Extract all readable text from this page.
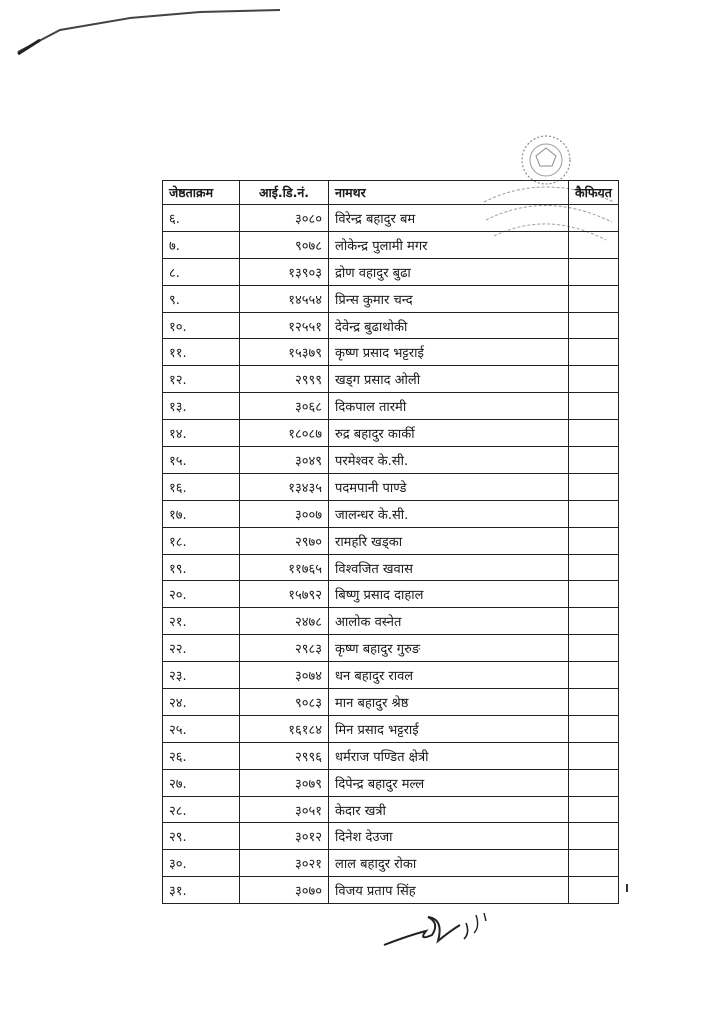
जेष्ठताक्रम	आई.डि.नं.	नामथर	कैफियत
६.	३०८०	विरेन्द्र बहादुर बम	
७.	९०७८	लोकेन्द्र पुलामी मगर	
८.	१३९०३	द्रोण वहादुर बुढा	
९.	१४५५४	प्रिन्स कुमार चन्द	
१०.	१२५५१	देवेन्द्र बुढाथोकी	
११.	१५३७९	कृष्ण प्रसाद भट्टराई	
१२.	२९९९	खड्ग प्रसाद ओली	
१३.	३०६८	दिकपाल तारमी	
१४.	१८०८७	रुद्र बहादुर कार्की	
१५.	३०४९	परमेश्वर के.सी.	
१६.	१३४३५	पदमपानी पाण्डे	
१७.	३००७	जालन्धर के.सी.	
१८.	२९७०	रामहरि खड्का	
१९.	११७६५	विश्वजित खवास	
२०.	१५७९२	बिष्णु प्रसाद दाहाल	
२१.	२४७८	आलोक वस्नेत	
२२.	२९८३	कृष्ण बहादुर गुरुङ	
२३.	३०७४	धन बहादुर रावल	
२४.	९०८३	मान बहादुर श्रेष्ठ	
२५.	१६१८४	मिन प्रसाद भट्टराई	
२६.	२९९६	धर्मराज पण्डित क्षेत्री	
२७.	३०७९	दिपेन्द्र बहादुर मल्ल	
२८.	३०५१	केदार खत्री	
२९.	३०१२	दिनेश देउजा	
३०.	३०२१	लाल बहादुर रोका	
३१.	३०७०	विजय प्रताप सिंह	
